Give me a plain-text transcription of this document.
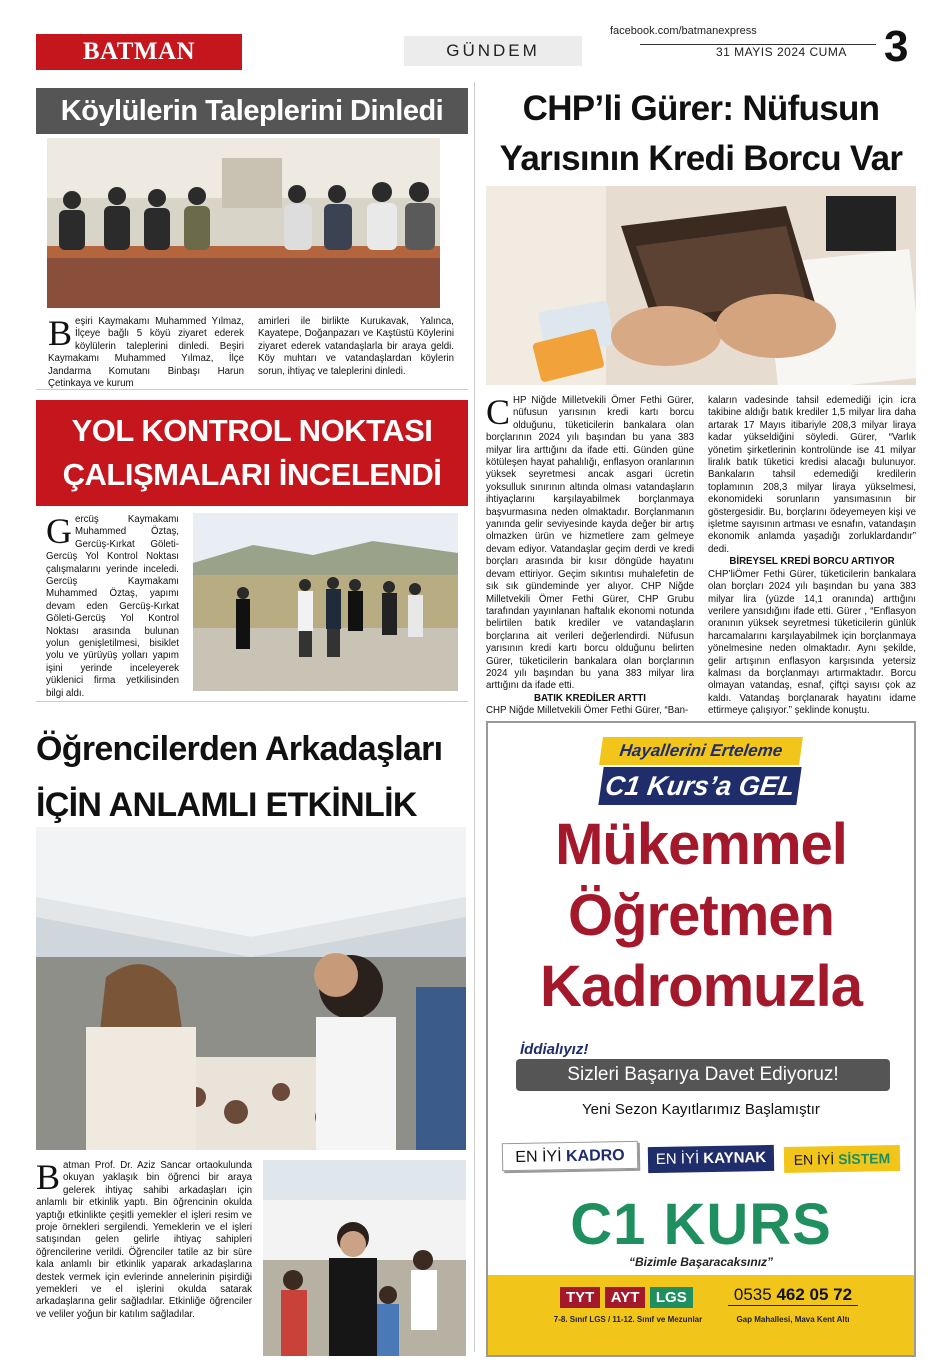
BATMAN	GÜNDEM
facebook.com/batmanexpress
31 MAYIS 2024 CUMA 3
Köylülerin Taleplerini Dinledi
Beşiri Kaymakamı Muhammed Yılmaz, İlçeye bağlı 5 köyü ziyaret ederek köylülerin taleplerini dinledi. Beşiri Kaymakamı Muhammed Yılmaz, İlçe Jandarma Komutanı Binbaşı Harun Çetinkaya ve kurum
amirleri ile birlikte Kurukavak, Yalınca, Kayatepe, Doğanpazarı ve Kaştüstü Köylerini ziyaret ederek vatandaşlarla bir araya geldi. Köy muhtarı ve vatandaşlardan köylerin sorun, ihtiyaç ve taleplerini dinledi.
YOL KONTROL NOKTASI
ÇALIŞMALARI İNCELENDİ
Gercüş Kaymakamı Muhammed Öztaş, Gercüş-Kırkat Göleti-Gercüş Yol Kontrol Noktası çalışmalarını yerinde inceledi. Gercüş Kaymakamı Muhammed Öztaş, yapımı devam eden Gercüş-Kırkat Göleti-Gercüş Yol Kontrol Noktası arasında bulunan yolun genişletilmesi, bisiklet yolu ve yürüyüş yolları yapım işini yerinde inceleyerek yüklenici firma yetkilisinden bilgi aldı.
CHP’li Gürer: Nüfusun
Yarısının Kredi Borcu Var
CHP Niğde Milletvekili Ömer Fethi Gürer, nüfusun yarısının kredi kartı borcu olduğunu, tüketicilerin bankalara olan borçlarının 2024 yılı başından bu yana 383 milyar lira arttığını da ifade etti. Günden güne kötüleşen hayat pahalılığı, enflasyon oranlarının yüksek seyretmesi ancak asgari ücretin yoksulluk sınırının altında olması vatandaşların ihtiyaçlarını karşılayabilmek borçlanmaya başvurmasına neden olmaktadır. Borçlanmanın yanında gelir seviyesinde kayda değer bir artış olmazken ürün ve hizmetlere zam gelmeye devam ediyor. Vatandaşlar geçim derdi ve kredi borçları arasında bir kısır döngüde hayatını devam ettiriyor. Geçim sıkıntısı muhalefetin de sık sık gündeminde yer alıyor. CHP Niğde Milletvekili Ömer Fethi Gürer, CHP Grubu tarafından yayınlanan haftalık ekonomi notunda belirtilen batık krediler ve vatandaşların borçlarına ait verileri değerlendirdi. Nüfusun yarısının kredi kartı borcu olduğunu belirten Gürer, tüketicilerin bankalara olan borçlarının 2024 yılı başından bu yana 383 milyar lira arttığını da ifade etti.
BATIK KREDİLER ARTTI
CHP Niğde Milletvekili Ömer Fethi Gürer, “Ban-
kaların vadesinde tahsil edemediği için icra takibine aldığı batık krediler 1,5 milyar lira daha artarak 17 Mayıs itibariyle 208,3 milyar liraya kadar yükseldiğini söyledi. Gürer, “Varlık yönetim şirketlerinin kontrolünde ise 41 milyar liralık batık tüketici kredisi alacağı bulunuyor. Bankaların tahsil edemediği kredilerin toplamının 208,3 milyar liraya yükselmesi, ekonomideki sorunların yansımasının bir göstergesidir. Bu, borçlarını ödeyemeyen kişi ve işletme sayısının artması ve esnafın, vatandaşın ekonomik anlamda yaşadığı zorluklardandır” dedi.
BİREYSEL KREDİ BORCU ARTIYOR
CHP’liÖmer Fethi Gürer, tüketicilerin bankalara olan borçları 2024 yılı başından bu yana 383 milyar lira (yüzde 14,1 oranında) arttığını verilere yansıdığını ifade etti. Gürer , “Enflasyon oranının yüksek seyretmesi tüketicilerin günlük harcamalarını karşılayabilmek için borçlanmaya yönelmesine neden olmaktadır. Aynı şekilde, gelir artışının enflasyon karşısında yetersiz kalması da borçlanmayı artırmaktadır. Borcu olmayan vatandaş, esnaf, çiftçi sayısı çok az kaldı. Vatandaş borçlanarak hayatını idame ettirmeye çalışıyor.” şeklinde konuştu.
Öğrencilerden Arkadaşları
İÇİN ANLAMLI ETKİNLİK
Batman Prof. Dr. Aziz Sancar ortaokulunda okuyan yaklaşık bin öğrenci bir araya gelerek ihtiyaç sahibi arkadaşları için anlamlı bir etkinlik yaptı. Bin öğrencinin okulda yaptığı etkinlikte çeşitli yemekler el işleri resim ve proje örnekleri sergilendi. Yemeklerin ve el işleri satışından gelen gelirle ihtiyaç sahipleri öğrencilerine verildi. Öğrenciler tatile az bir süre kala anlamlı bir etkinlik yaparak arkadaşlarına destek vermek için evlerinde annelerinin pişirdiği yemekleri ve el işlerini okulda satarak arkadaşlarına gelir sağladılar. Etkinliğe öğrenciler ve veliler yoğun bir katılım sağladılar.
Hayallerini Erteleme
C1 Kurs’a GEL
Mükemmel
Öğretmen
Kadromuzla
İddialıyız!
Sizleri Başarıya Davet Ediyoruz!
Yeni Sezon Kayıtlarımız Başlamıştır
EN İYİ KADRO	EN İYİ KAYNAK	EN İYİ SİSTEM
C1 KURS
“Bizimle Başaracaksınız”
TYT AYT LGS
7-8. Sınıf LGS / 11-12. Sınıf ve Mezunlar
0535 462 05 72
Gap Mahallesi, Mava Kent Altı
